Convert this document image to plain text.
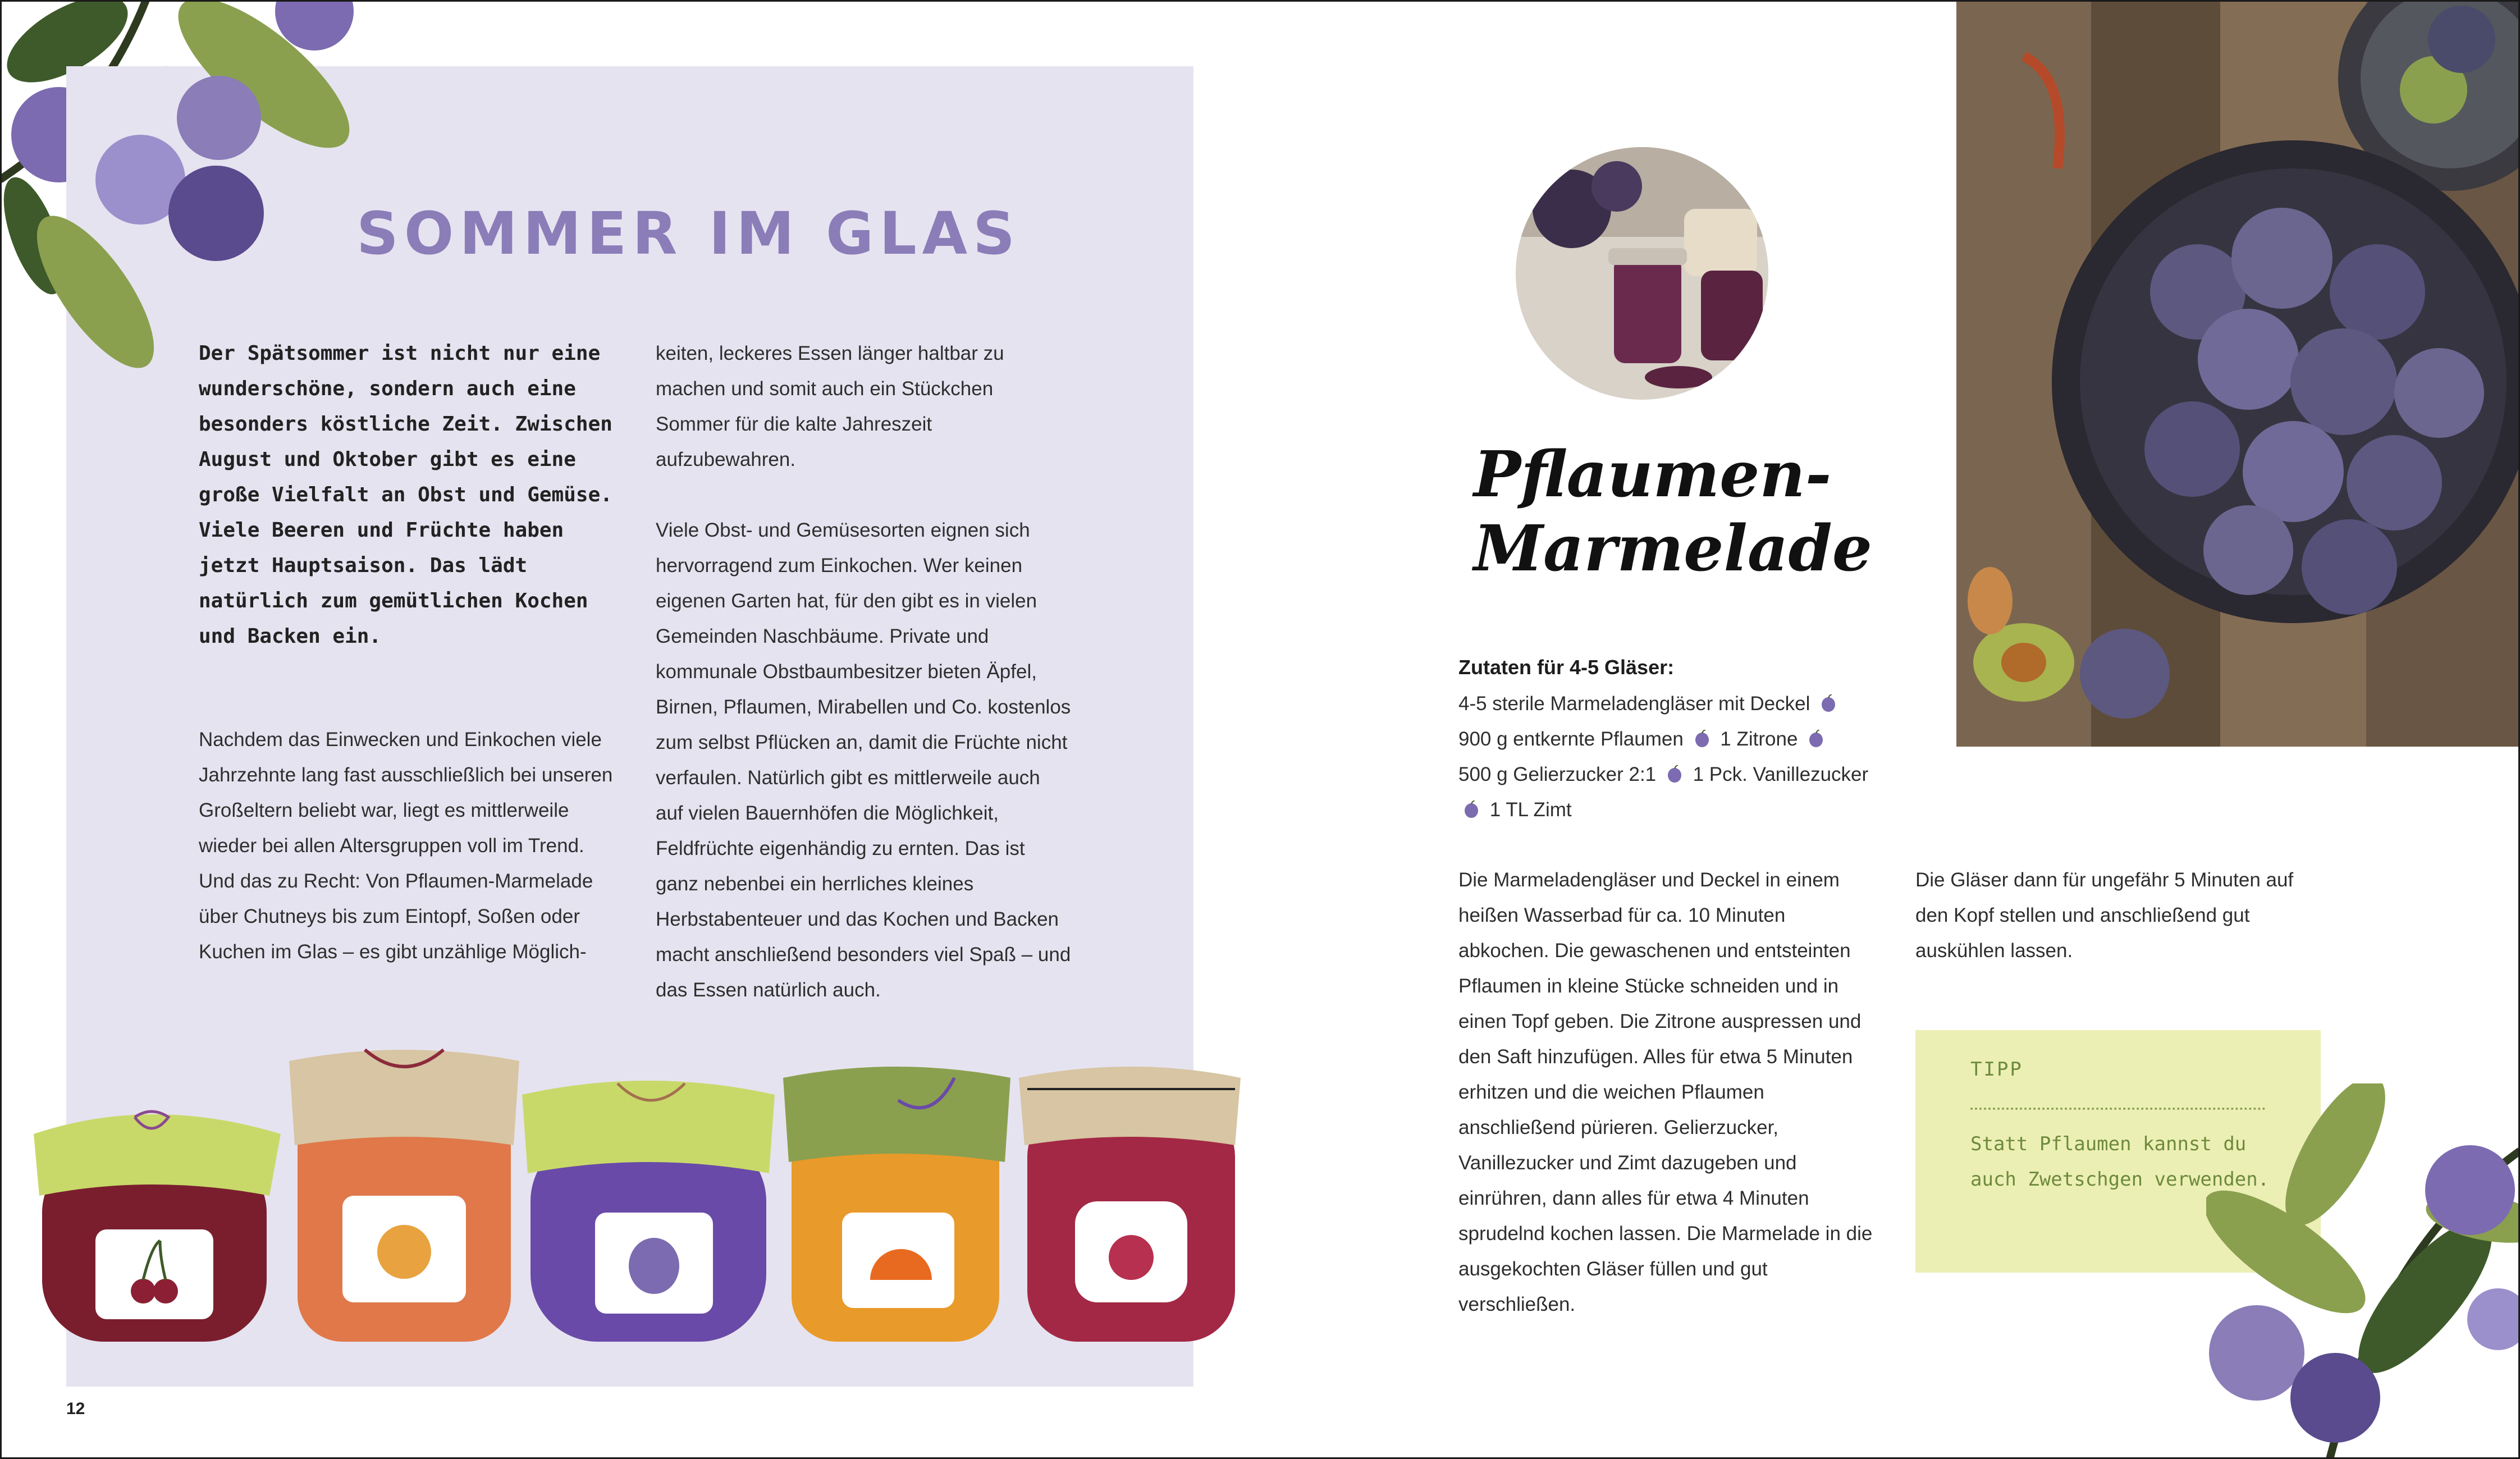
SOMMER IM GLAS
Der Spätsommer ist nicht nur eine wunderschöne, sondern auch eine besonders köstliche Zeit. Zwischen August und Oktober gibt es eine große Vielfalt an Obst und Gemüse. Viele Beeren und Früchte haben jetzt Hauptsaison. Das lädt natürlich zum gemütlichen Kochen und Backen ein.

Nachdem das Einwecken und Einkochen viele Jahrzehnte lang fast ausschließlich bei unseren Großeltern beliebt war, liegt es mittlerweile wieder bei allen Altersgruppen voll im Trend. Und das zu Recht: Von Pflaumen-Marmelade über Chutneys bis zum Eintopf, Soßen oder Kuchen im Glas – es gibt unzählige Möglich-

keiten, leckeres Essen länger haltbar zu machen und somit auch ein Stückchen Sommer für die kalte Jahreszeit aufzubewahren.

Viele Obst- und Gemüsesorten eignen sich hervorragend zum Einkochen. Wer keinen eigenen Garten hat, für den gibt es in vielen Gemeinden Naschbäume. Private und kommunale Obstbaumbesitzer bieten Äpfel, Birnen, Pflaumen, Mirabellen und Co. kostenlos zum selbst Pflücken an, damit die Früchte nicht verfaulen. Natürlich gibt es mittlerweile auch auf vielen Bauernhöfen die Möglichkeit, Feldfrüchte eigenhändig zu ernten. Das ist ganz nebenbei ein herrliches kleines Herbstabenteuer und das Kochen und Backen macht anschließend besonders viel Spaß – und das Essen natürlich auch.

12
Pflaumen-
Marmelade
Zutaten für 4-5 Gläser:
4-5 sterile Marmeladengläser mit Deckel
900 g entkernte Pflaumen 1 Zitrone
500 g Gelierzucker 2:1 1 Pck. Vanillezucker  1 TL Zimt
Die Marmeladengläser und Deckel in einem heißen Wasserbad für ca. 10 Minuten abkochen. Die gewaschenen und entsteinten Pflaumen in kleine Stücke schneiden und in einen Topf geben. Die Zitrone auspressen und den Saft hinzufügen. Alles für etwa 5 Minuten erhitzen und die weichen Pflaumen anschließend pürieren. Gelierzucker, Vanillezucker und Zimt dazugeben und einrühren, dann alles für etwa 4 Minuten sprudelnd kochen lassen. Die Marmelade in die ausgekochten Gläser füllen und gut verschließen.
Die Gläser dann für ungefähr 5 Minuten auf den Kopf stellen und anschließend gut auskühlen lassen.
TIPP
Statt Pflaumen kannst du auch Zwetschgen verwenden.
